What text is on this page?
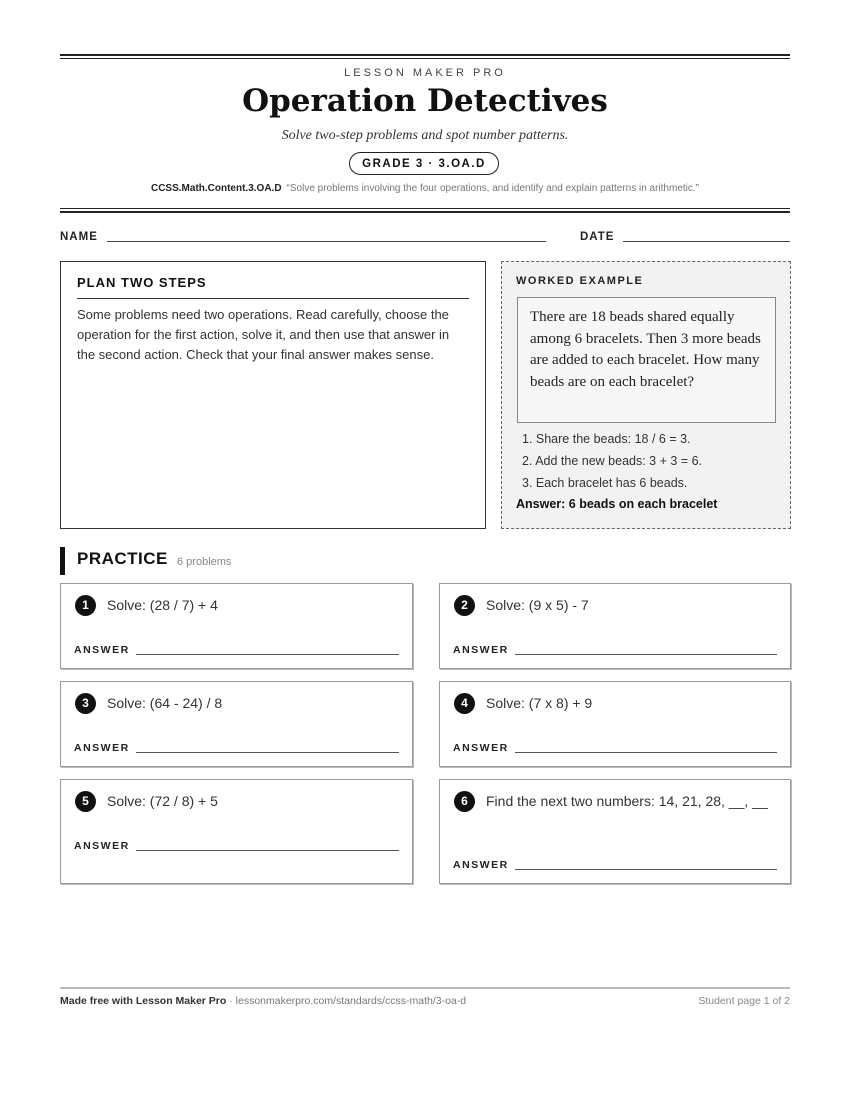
LESSON MAKER PRO
Operation Detectives
Solve two-step problems and spot number patterns.
GRADE 3 · 3.OA.D
CCSS.Math.Content.3.OA.D “Solve problems involving the four operations, and identify and explain patterns in arithmetic.”
NAME	DATE
PLAN TWO STEPS
Some problems need two operations. Read carefully, choose the operation for the first action, solve it, and then use that answer in the second action. Check that your final answer makes sense.
WORKED EXAMPLE
There are 18 beads shared equally among 6 bracelets. Then 3 more beads are added to each bracelet. How many beads are on each bracelet?
1. Share the beads: 18 / 6 = 3.
2. Add the new beads: 3 + 3 = 6.
3. Each bracelet has 6 beads.
Answer: 6 beads on each bracelet
PRACTICE 6 problems
1	Solve: (28 / 7) + 4
ANSWER
2	Solve: (9 x 5) - 7
ANSWER
3	Solve: (64 - 24) / 8
ANSWER
4	Solve: (7 x 8) + 9
ANSWER
5	Solve: (72 / 8) + 5
ANSWER
6	Find the next two numbers: 14, 21, 28, __, __
ANSWER
Made free with Lesson Maker Pro · lessonmakerpro.com/standards/ccss-math/3-oa-d	Student page 1 of 2
